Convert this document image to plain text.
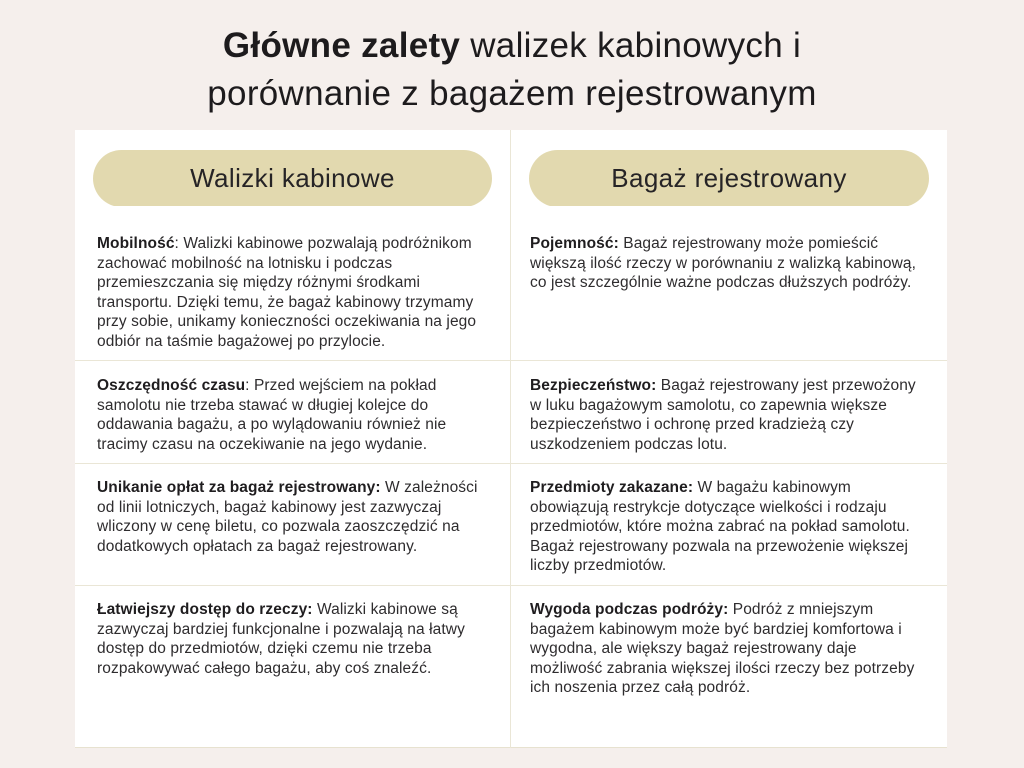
Główne zalety walizek kabinowych i
porównanie z bagażem rejestrowanym
Walizki kabinowe	Bagaż rejestrowany

Mobilność: Walizki kabinowe pozwalają podróżnikom zachować mobilność na lotnisku i podczas przemieszczania się między różnymi środkami transportu. Dzięki temu, że bagaż kabinowy trzymamy przy sobie, unikamy konieczności oczekiwania na jego odbiór na taśmie bagażowej po przylocie.

Pojemność: Bagaż rejestrowany może pomieścić większą ilość rzeczy w porównaniu z walizką kabinową, co jest szczególnie ważne podczas dłuższych podróży.

Oszczędność czasu: Przed wejściem na pokład samolotu nie trzeba stawać w długiej kolejce do oddawania bagażu, a po wylądowaniu również nie tracimy czasu na oczekiwanie na jego wydanie.

Bezpieczeństwo: Bagaż rejestrowany jest przewożony w luku bagażowym samolotu, co zapewnia większe bezpieczeństwo i ochronę przed kradzieżą czy uszkodzeniem podczas lotu.

Unikanie opłat za bagaż rejestrowany: W zależności od linii lotniczych, bagaż kabinowy jest zazwyczaj wliczony w cenę biletu, co pozwala zaoszczędzić na dodatkowych opłatach za bagaż rejestrowany.

Przedmioty zakazane: W bagażu kabinowym obowiązują restrykcje dotyczące wielkości i rodzaju przedmiotów, które można zabrać na pokład samolotu. Bagaż rejestrowany pozwala na przewożenie większej liczby przedmiotów.

Łatwiejszy dostęp do rzeczy: Walizki kabinowe są zazwyczaj bardziej funkcjonalne i pozwalają na łatwy dostęp do przedmiotów, dzięki czemu nie trzeba rozpakowywać całego bagażu, aby coś znaleźć.

Wygoda podczas podróży: Podróż z mniejszym bagażem kabinowym może być bardziej komfortowa i wygodna, ale większy bagaż rejestrowany daje możliwość zabrania większej ilości rzeczy bez potrzeby ich noszenia przez całą podróż.
